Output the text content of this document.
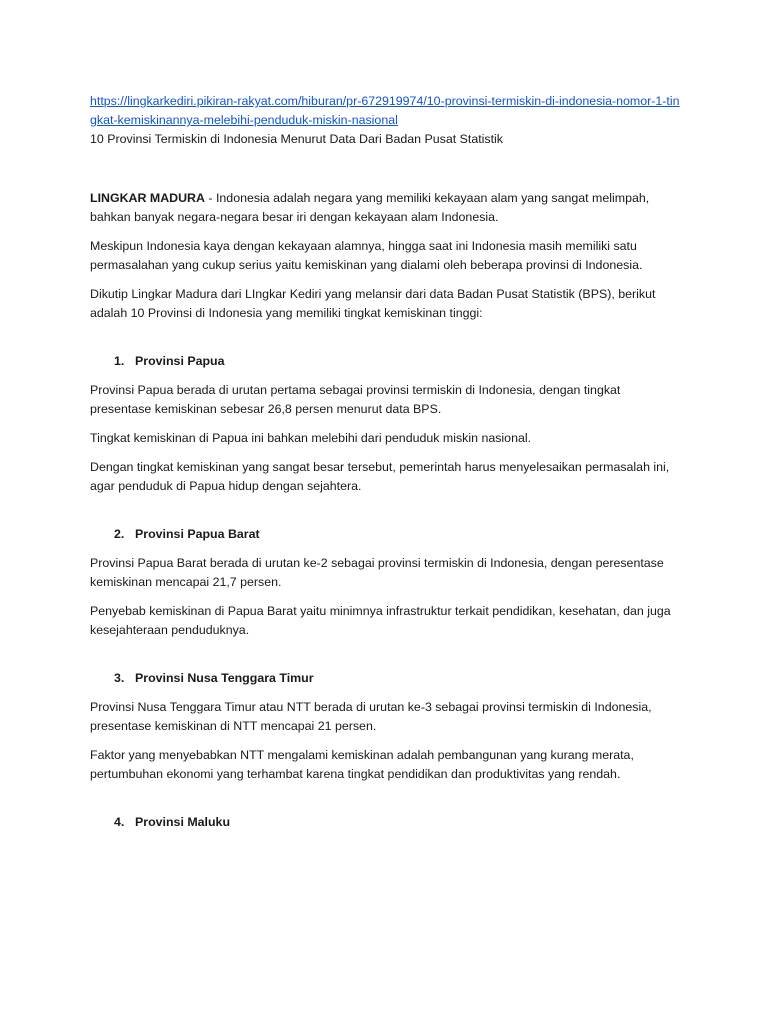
https://lingkarkediri.pikiran-rakyat.com/hiburan/pr-672919974/10-provinsi-termiskin-di-indonesia-nomor-1-tingkat-kemiskinannya-melebihi-penduduk-miskin-nasional

10 Provinsi Termiskin di Indonesia Menurut Data Dari Badan Pusat Statistik

LINGKAR MADURA - Indonesia adalah negara yang memiliki kekayaan alam yang sangat melimpah, bahkan banyak negara-negara besar iri dengan kekayaan alam Indonesia.

Meskipun Indonesia kaya dengan kekayaan alamnya, hingga saat ini Indonesia masih memiliki satu permasalahan yang cukup serius yaitu kemiskinan yang dialami oleh beberapa provinsi di Indonesia.

Dikutip Lingkar Madura dari LIngkar Kediri yang melansir dari data Badan Pusat Statistik (BPS), berikut adalah 10 Provinsi di Indonesia yang memiliki tingkat kemiskinan tinggi:

1. Provinsi Papua

Provinsi Papua berada di urutan pertama sebagai provinsi termiskin di Indonesia, dengan tingkat presentase kemiskinan sebesar 26,8 persen menurut data BPS.

Tingkat kemiskinan di Papua ini bahkan melebihi dari penduduk miskin nasional.

Dengan tingkat kemiskinan yang sangat besar tersebut, pemerintah harus menyelesaikan permasalah ini, agar penduduk di Papua hidup dengan sejahtera.

2. Provinsi Papua Barat

Provinsi Papua Barat berada di urutan ke-2 sebagai provinsi termiskin di Indonesia, dengan peresentase kemiskinan mencapai 21,7 persen.

Penyebab kemiskinan di Papua Barat yaitu minimnya infrastruktur terkait pendidikan, kesehatan, dan juga kesejahteraan penduduknya.

3. Provinsi Nusa Tenggara Timur

Provinsi Nusa Tenggara Timur atau NTT berada di urutan ke-3 sebagai provinsi termiskin di Indonesia, presentase kemiskinan di NTT mencapai 21 persen.

Faktor yang menyebabkan NTT mengalami kemiskinan adalah pembangunan yang kurang merata, pertumbuhan ekonomi yang terhambat karena tingkat pendidikan dan produktivitas yang rendah.

4. Provinsi Maluku
